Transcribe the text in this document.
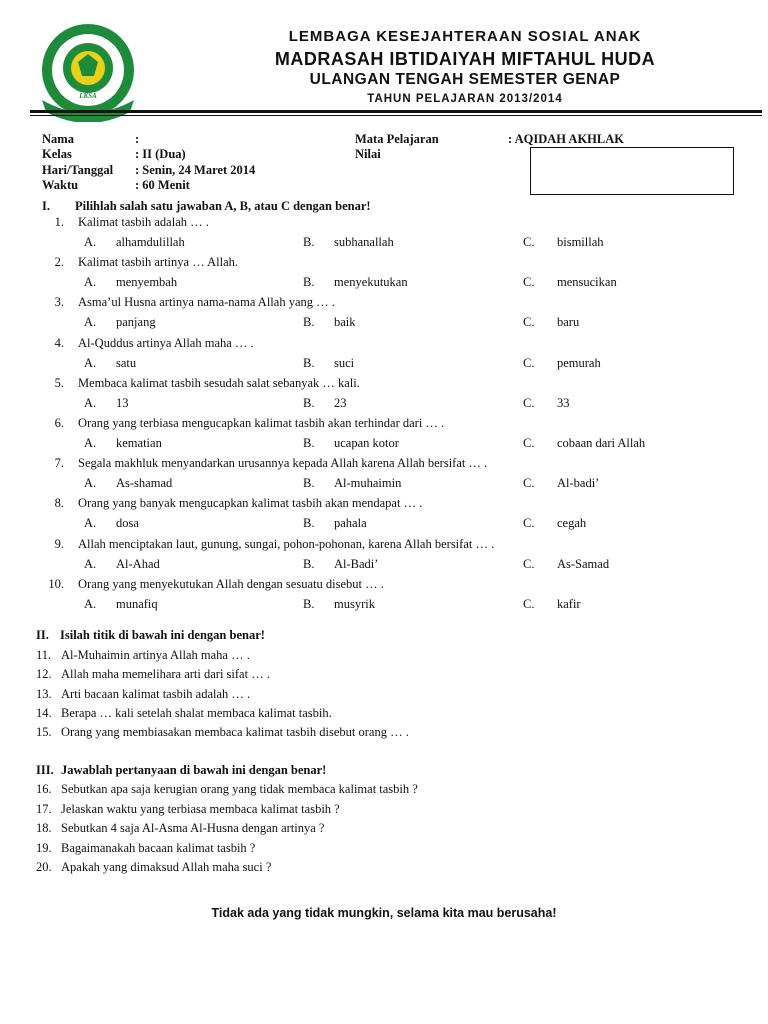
LKSA
LEMBAGA KESEJAHTERAAN SOSIAL ANAK
MADRASAH IBTIDAIYAH MIFTAHUL HUDA
ULANGAN TENGAH SEMESTER GENAP
TAHUN PELAJARAN 2013/2014
Nama	:
Kelas	: II (Dua)
Hari/Tanggal : Senin, 24 Maret 2014
Waktu	: 60 Menit
Mata Pelajaran	: AQIDAH AKHLAK
Nilai
I. Pilihlah salah satu jawaban A, B, atau C dengan benar!
1. Kalimat tasbih adalah … .
A. alhamdulillah	B. subhanallah	C. bismillah
2. Kalimat tasbih artinya … Allah.
A. menyembah	B. menyekutukan	C. mensucikan
3. Asma’ul Husna artinya nama-nama Allah yang … .
A. panjang	B. baik	C. baru
4. Al-Quddus artinya Allah maha … .
A. satu	B. suci	C. pemurah
5. Membaca kalimat tasbih sesudah salat sebanyak … kali.
A. 13	B. 23	C. 33
6. Orang yang terbiasa mengucapkan kalimat tasbih akan terhindar dari … .
A. kematian	B. ucapan kotor	C. cobaan dari Allah
7. Segala makhluk menyandarkan urusannya kepada Allah karena Allah bersifat … .
A. As-shamad	B. Al-muhaimin	C. Al-badi’
8. Orang yang banyak mengucapkan kalimat tasbih akan mendapat … .
A. dosa	B. pahala	C. cegah
9. Allah menciptakan laut, gunung, sungai, pohon-pohonan, karena Allah bersifat … .
A. Al-Ahad	B. Al-Badi’	C. As-Samad
10. Orang yang menyekutukan Allah dengan sesuatu disebut … .
A. munafiq	B. musyrik	C. kafir
II. Isilah titik di bawah ini dengan benar!
11. Al-Muhaimin artinya Allah maha … .
12. Allah maha memelihara arti dari sifat … .
13. Arti bacaan kalimat tasbih adalah … .
14. Berapa … kali setelah shalat membaca kalimat tasbih.
15. Orang yang membiasakan membaca kalimat tasbih disebut orang … .
III. Jawablah pertanyaan di bawah ini dengan benar!
16. Sebutkan apa saja kerugian orang yang tidak membaca kalimat tasbih ?
17. Jelaskan waktu yang terbiasa membaca kalimat tasbih ?
18. Sebutkan 4 saja Al-Asma Al-Husna dengan artinya ?
19. Bagaimanakah bacaan kalimat tasbih ?
20. Apakah yang dimaksud Allah maha suci ?
Tidak ada yang tidak mungkin, selama kita mau berusaha!
